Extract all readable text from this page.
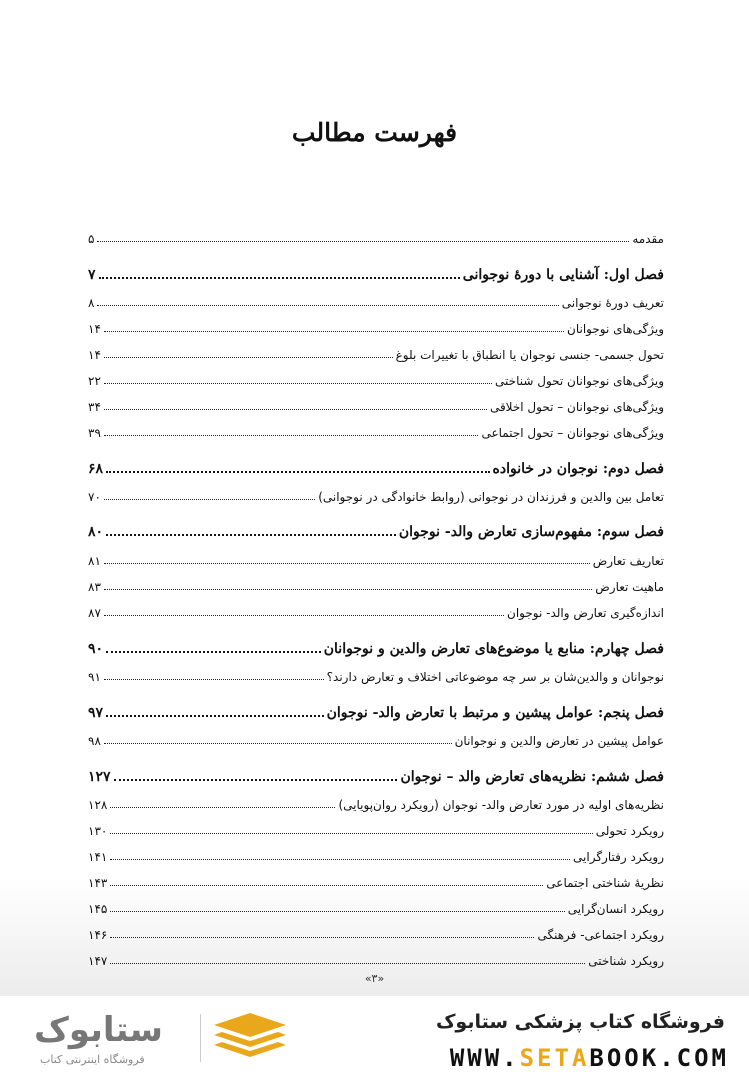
فهرست مطالب
مقدمه
۵
فصل اول: آشنایی با دورهٔ نوجوانی
۷
تعریف دورهٔ نوجوانی
۸
ویژگی‌های نوجوانان
۱۴
تحول جسمی- جنسی نوجوان یا انطباق با تغییرات بلوغ
۱۴
ویژگی‌های نوجوانان تحول شناختی
۲۲
ویژگی‌های نوجوانان – تحول اخلاقی
۳۴
ویژگی‌های نوجوانان – تحول اجتماعی
۳۹
فصل دوم: نوجوان در خانواده
۶۸
تعامل بین والدین و فرزندان در نوجوانی (روابط خانوادگی در نوجوانی)
۷۰
فصل سوم: مفهوم‌سازی تعارض والد- نوجوان
۸۰
تعاریف تعارض
۸۱
ماهیت تعارض
۸۳
اندازه‌گیری تعارض والد- نوجوان
۸۷
فصل چهارم: منابع یا موضوع‌های تعارض والدین و نوجوانان
۹۰
نوجوانان و والدین‌شان بر سر چه موضوعاتی اختلاف و تعارض دارند؟
۹۱
فصل پنجم: عوامل پیشین و مرتبط با تعارض والد- نوجوان
۹۷
عوامل پیشین در تعارض والدین و نوجوانان
۹۸
فصل ششم: نظریه‌های تعارض والد – نوجوان
۱۲۷
نظریه‌های اولیه در مورد تعارض والد- نوجوان (رویکرد روان‌پویایی)
۱۲۸
رویکرد تحولی
۱۳۰
رویکرد رفتارگرایی
۱۴۱
نظریهٔ شناختی اجتماعی
۱۴۳
رویکرد انسان‌گرایی
۱۴۵
رویکرد اجتماعی- فرهنگی
۱۴۶
رویکرد شناختی
۱۴۷
«۳»
ستابوک
فروشگاه اینترنتی کتاب
فروشگاه کتاب پزشکی ستابوک
WWW.SETABOOK.COM
